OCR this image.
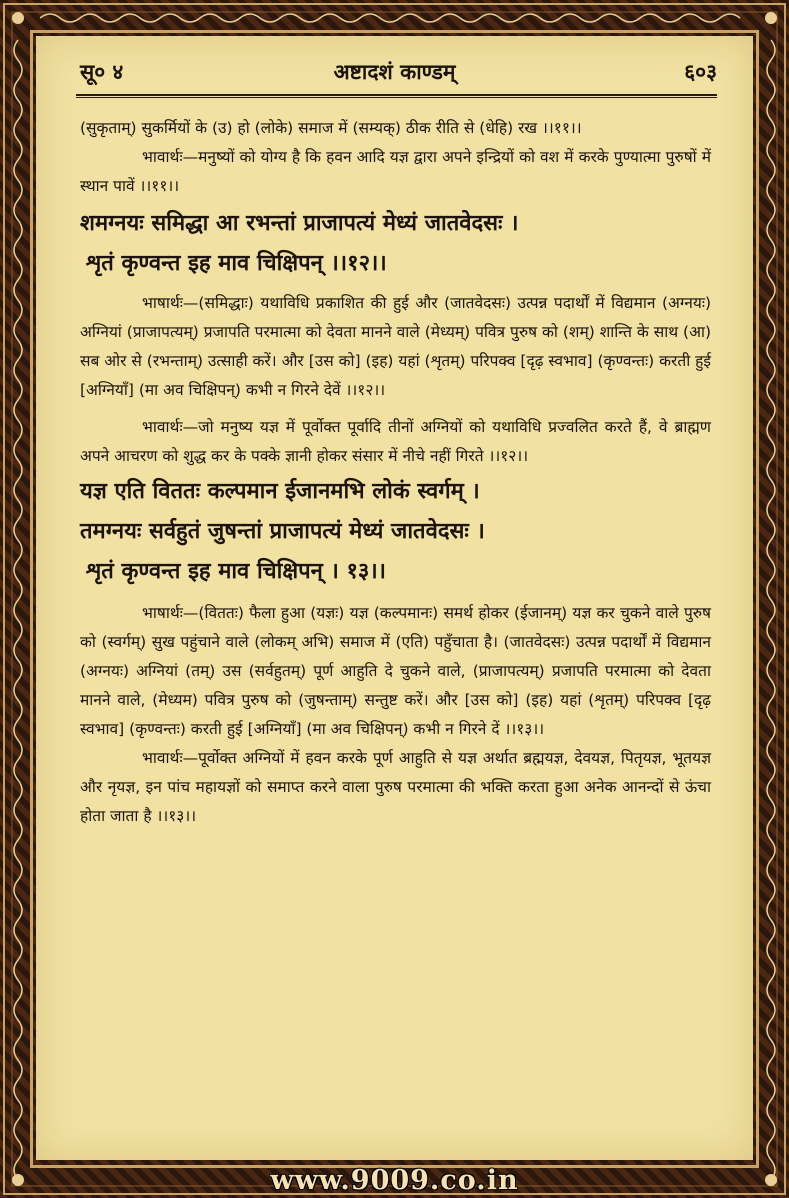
सू० ४	अष्टादशं काण्डम्	६०३

(सुकृताम्) सुकर्मियों के (उ) हो (लोके) समाज में (सम्यक्) ठीक रीति से (धेहि) रख ।।११।।

भावार्थः—मनुष्यों को योग्य है कि हवन आदि यज्ञ द्वारा अपने इन्द्रियों को वश में करके पुण्यात्मा पुरुषों में स्थान पावें ।।११।।

शमग्नयः समिद्धा आ रभन्तां प्राजापत्यं मेध्यं जातवेदसः ।

शृतं कृण्वन्त इह माव चिक्षिपन् ।।१२।।

भाषार्थः—(समिद्धाः) यथाविधि प्रकाशित की हुई और (जातवेदसः) उत्पन्न पदार्थों में विद्यमान (अग्नयः) अग्नियां (प्राजापत्यम्) प्रजापति परमात्मा को देवता मानने वाले (मेध्यम्) पवित्र पुरुष को (शम्) शान्ति के साथ (आ) सब ओर से (रभन्ताम्) उत्साही करें। और [उस को] (इह) यहां (शृतम्) परिपक्व [दृढ़ स्वभाव] (कृण्वन्तः) करती हुई [अग्नियाँ] (मा अव चिक्षिपन्) कभी न गिरने देवें ।।१२।।

भावार्थः—जो मनुष्य यज्ञ में पूर्वोक्त पूर्वादि तीनों अग्नियों को यथाविधि प्रज्वलित करते हैं, वे ब्राह्मण अपने आचरण को शुद्ध कर के पक्के ज्ञानी होकर संसार में नीचे नहीं गिरते ।।१२।।

यज्ञ एति विततः कल्पमान ईजानमभि लोकं स्वर्गम् ।

तमग्नयः सर्वहुतं जुषन्तां प्राजापत्यं मेध्यं जातवेदसः ।

शृतं कृण्वन्त इह माव चिक्षिपन् । १३।।

भाषार्थः—(विततः) फैला हुआ (यज्ञः) यज्ञ (कल्पमानः) समर्थ होकर (ईजानम्) यज्ञ कर चुकने वाले पुरुष को (स्वर्गम्) सुख पहुंचाने वाले (लोकम् अभि) समाज में (एति) पहुँचाता है। (जातवेदसः) उत्पन्न पदार्थों में विद्यमान (अग्नयः) अग्नियां (तम्) उस (सर्वहुतम्) पूर्ण आहुति दे चुकने वाले, (प्राजापत्यम्) प्रजापति परमात्मा को देवता मानने वाले, (मेध्यम) पवित्र पुरुष को (जुषन्ताम्) सन्तुष्ट करें। और [उस को] (इह) यहां (शृतम्) परिपक्व [दृढ़ स्वभाव] (कृण्वन्तः) करती हुई [अग्नियाँ] (मा अव चिक्षिपन्) कभी न गिरने दें ।।१३।।

भावार्थः—पूर्वोक्त अग्नियों में हवन करके पूर्ण आहुति से यज्ञ अर्थात ब्रह्मयज्ञ, देवयज्ञ, पितृयज्ञ, भूतयज्ञ और नृयज्ञ, इन पांच महायज्ञों को समाप्त करने वाला पुरुष परमात्मा की भक्ति करता हुआ अनेक आनन्दों से ऊंचा होता जाता है ।।१३।।

www.9009.co.in
